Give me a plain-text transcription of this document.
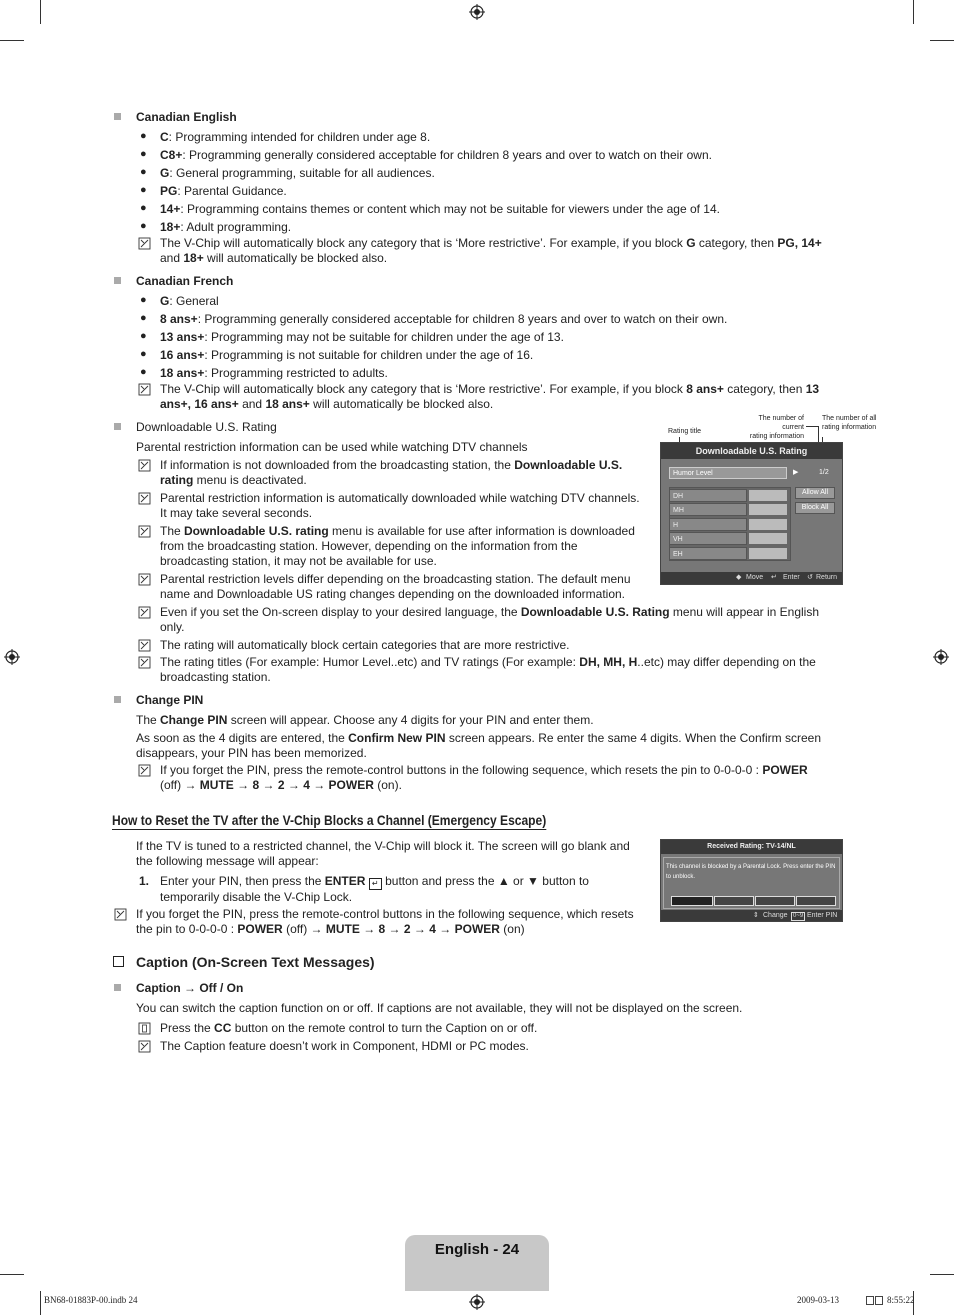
Canadian English
● C: Programming intended for children under age 8.
● C8+: Programming generally considered acceptable for children 8 years and over to watch on their own.
● G: General programming, suitable for all audiences.
● PG: Parental Guidance.
● 14+: Programming contains themes or content which may not be suitable for viewers under the age of 14.
● 18+: Adult programming.
The V-Chip will automatically block any category that is ‘More restrictive’. For example, if you block G category, then PG, 14+
and 18+ will automatically be blocked also.
Canadian French
● G: General
● 8 ans+: Programming generally considered acceptable for children 8 years and over to watch on their own.
● 13 ans+: Programming may not be suitable for children under the age of 13.
● 16 ans+: Programming is not suitable for children under the age of 16.
● 18 ans+: Programming restricted to adults.
The V-Chip will automatically block any category that is ‘More restrictive’. For example, if you block 8 ans+ category, then 13
ans+, 16 ans+ and 18 ans+ will automatically be blocked also.
Downloadable U.S. Rating
Parental restriction information can be used while watching DTV channels
If information is not downloaded from the broadcasting station, the Downloadable U.S.
rating menu is deactivated.
Parental restriction information is automatically downloaded while watching DTV channels.
It may take several seconds.
The Downloadable U.S. rating menu is available for use after information is downloaded
from the broadcasting station. However, depending on the information from the
broadcasting station, it may not be available for use.
Parental restriction levels differ depending on the broadcasting station. The default menu
name and Downloadable US rating changes depending on the downloaded information.
Even if you set the On-screen display to your desired language, the Downloadable U.S. Rating menu will appear in English
only.
The rating will automatically block certain categories that are more restrictive.
The rating titles (For example: Humor Level..etc) and TV ratings (For example: DH, MH, H..etc) may differ depending on the
broadcasting station.
Rating title
The number of current
rating information
The number of all
rating information
Downloadable U.S. Rating
Humor Level	▶	1/2
DH
MH
H
VH
EH
Allow All
Block All
◆ Move ↵ Enter ↺ Return
Change PIN
The Change PIN screen will appear. Choose any 4 digits for your PIN and enter them.
As soon as the 4 digits are entered, the Confirm New PIN screen appears. Re enter the same 4 digits. When the Confirm screen
disappears, your PIN has been memorized.
If you forget the PIN, press the remote-control buttons in the following sequence, which resets the pin to 0-0-0-0 : POWER
(off) → MUTE → 8 → 2 → 4 → POWER (on).
How to Reset the TV after the V-Chip Blocks a Channel (Emergency Escape)
If the TV is tuned to a restricted channel, the V-Chip will block it. The screen will go blank and
the following message will appear:
1. Enter your PIN, then press the ENTER ↵ button and press the ▲ or ▼ button to
temporarily disable the V-Chip Lock.
If you forget the PIN, press the remote-control buttons in the following sequence, which resets
the pin to 0-0-0-0 : POWER (off) → MUTE → 8 → 2 → 4 → POWER (on)
Received Rating: TV-14/NL
This channel is blocked by a Parental Lock. Press enter the PIN
to unblock.
⇕ Change 0~9 Enter PIN
Caption (On-Screen Text Messages)
Caption → Off / On
You can switch the caption function on or off. If captions are not available, they will not be displayed on the screen.
Press the CC button on the remote control to turn the Caption on or off.
The Caption feature doesn’t work in Component, HDMI or PC modes.
English - 24
BN68-01883P-00.indb 24	2009-03-13	8:55:22
